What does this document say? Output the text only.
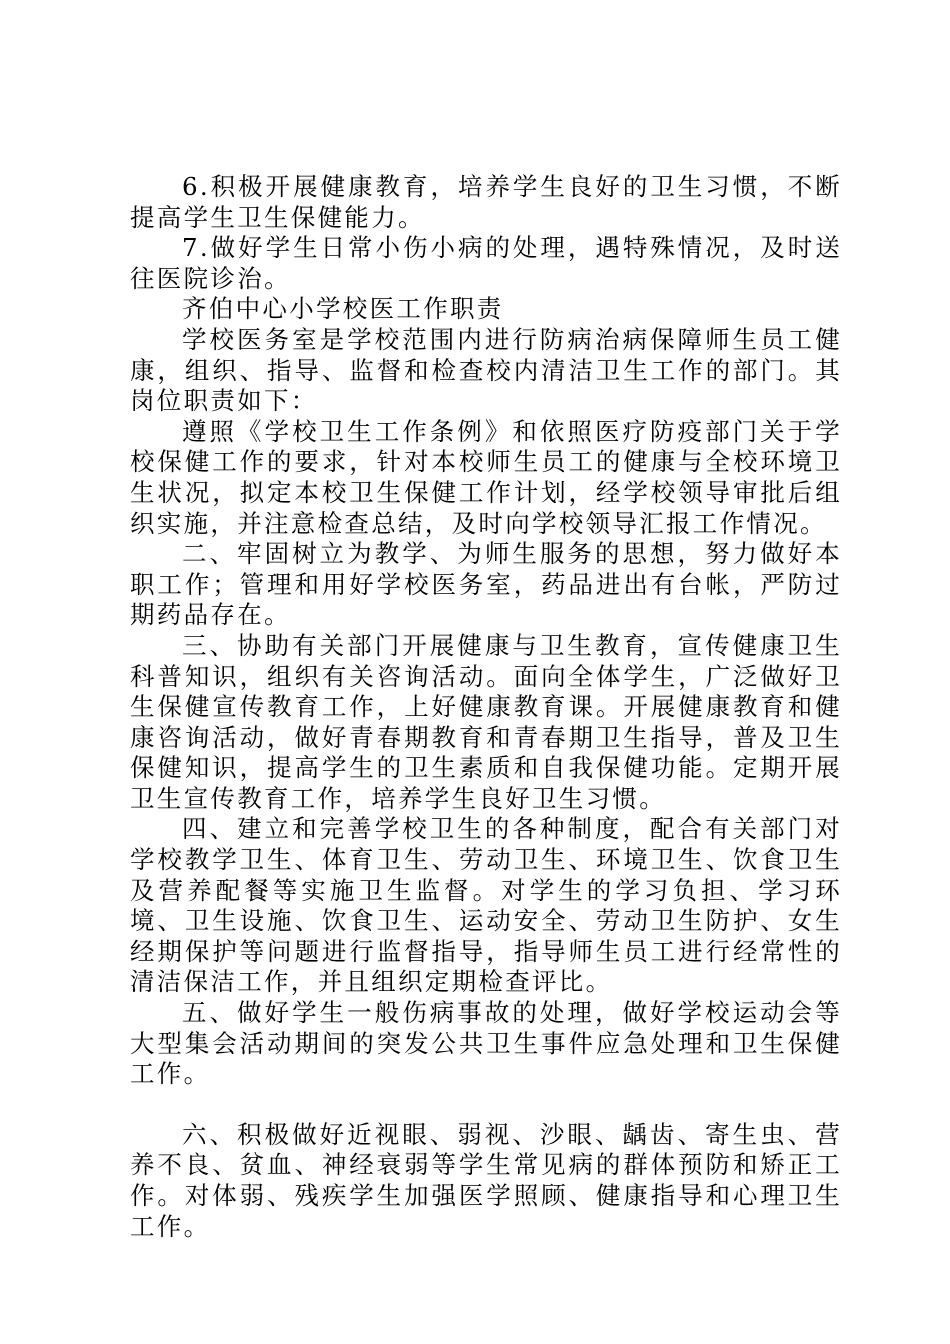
6.积极开展健康教育，培养学生良好的卫生习惯，不断提高学生卫生保健能力。

7.做好学生日常小伤小病的处理，遇特殊情况，及时送往医院诊治。

齐伯中心小学校医工作职责

学校医务室是学校范围内进行防病治病保障师生员工健康，组织、指导、监督和检查校内清洁卫生工作的部门。其岗位职责如下：

遵照《学校卫生工作条例》和依照医疗防疫部门关于学校保健工作的要求，针对本校师生员工的健康与全校环境卫生状况，拟定本校卫生保健工作计划，经学校领导审批后组织实施，并注意检查总结，及时向学校领导汇报工作情况。

二、牢固树立为教学、为师生服务的思想，努力做好本职工作；管理和用好学校医务室，药品进出有台帐，严防过期药品存在。

三、协助有关部门开展健康与卫生教育，宣传健康卫生科普知识，组织有关咨询活动。面向全体学生，广泛做好卫生保健宣传教育工作，上好健康教育课。开展健康教育和健康咨询活动，做好青春期教育和青春期卫生指导，普及卫生保健知识，提高学生的卫生素质和自我保健功能。定期开展卫生宣传教育工作，培养学生良好卫生习惯。

四、建立和完善学校卫生的各种制度，配合有关部门对学校教学卫生、体育卫生、劳动卫生、环境卫生、饮食卫生及营养配餐等实施卫生监督。对学生的学习负担、学习环境、卫生设施、饮食卫生、运动安全、劳动卫生防护、女生经期保护等问题进行监督指导，指导师生员工进行经常性的清洁保洁工作，并且组织定期检查评比。

五、做好学生一般伤病事故的处理，做好学校运动会等大型集会活动期间的突发公共卫生事件应急处理和卫生保健工作。

六、积极做好近视眼、弱视、沙眼、龋齿、寄生虫、营养不良、贫血、神经衰弱等学生常见病的群体预防和矫正工作。对体弱、残疾学生加强医学照顾、健康指导和心理卫生工作。
